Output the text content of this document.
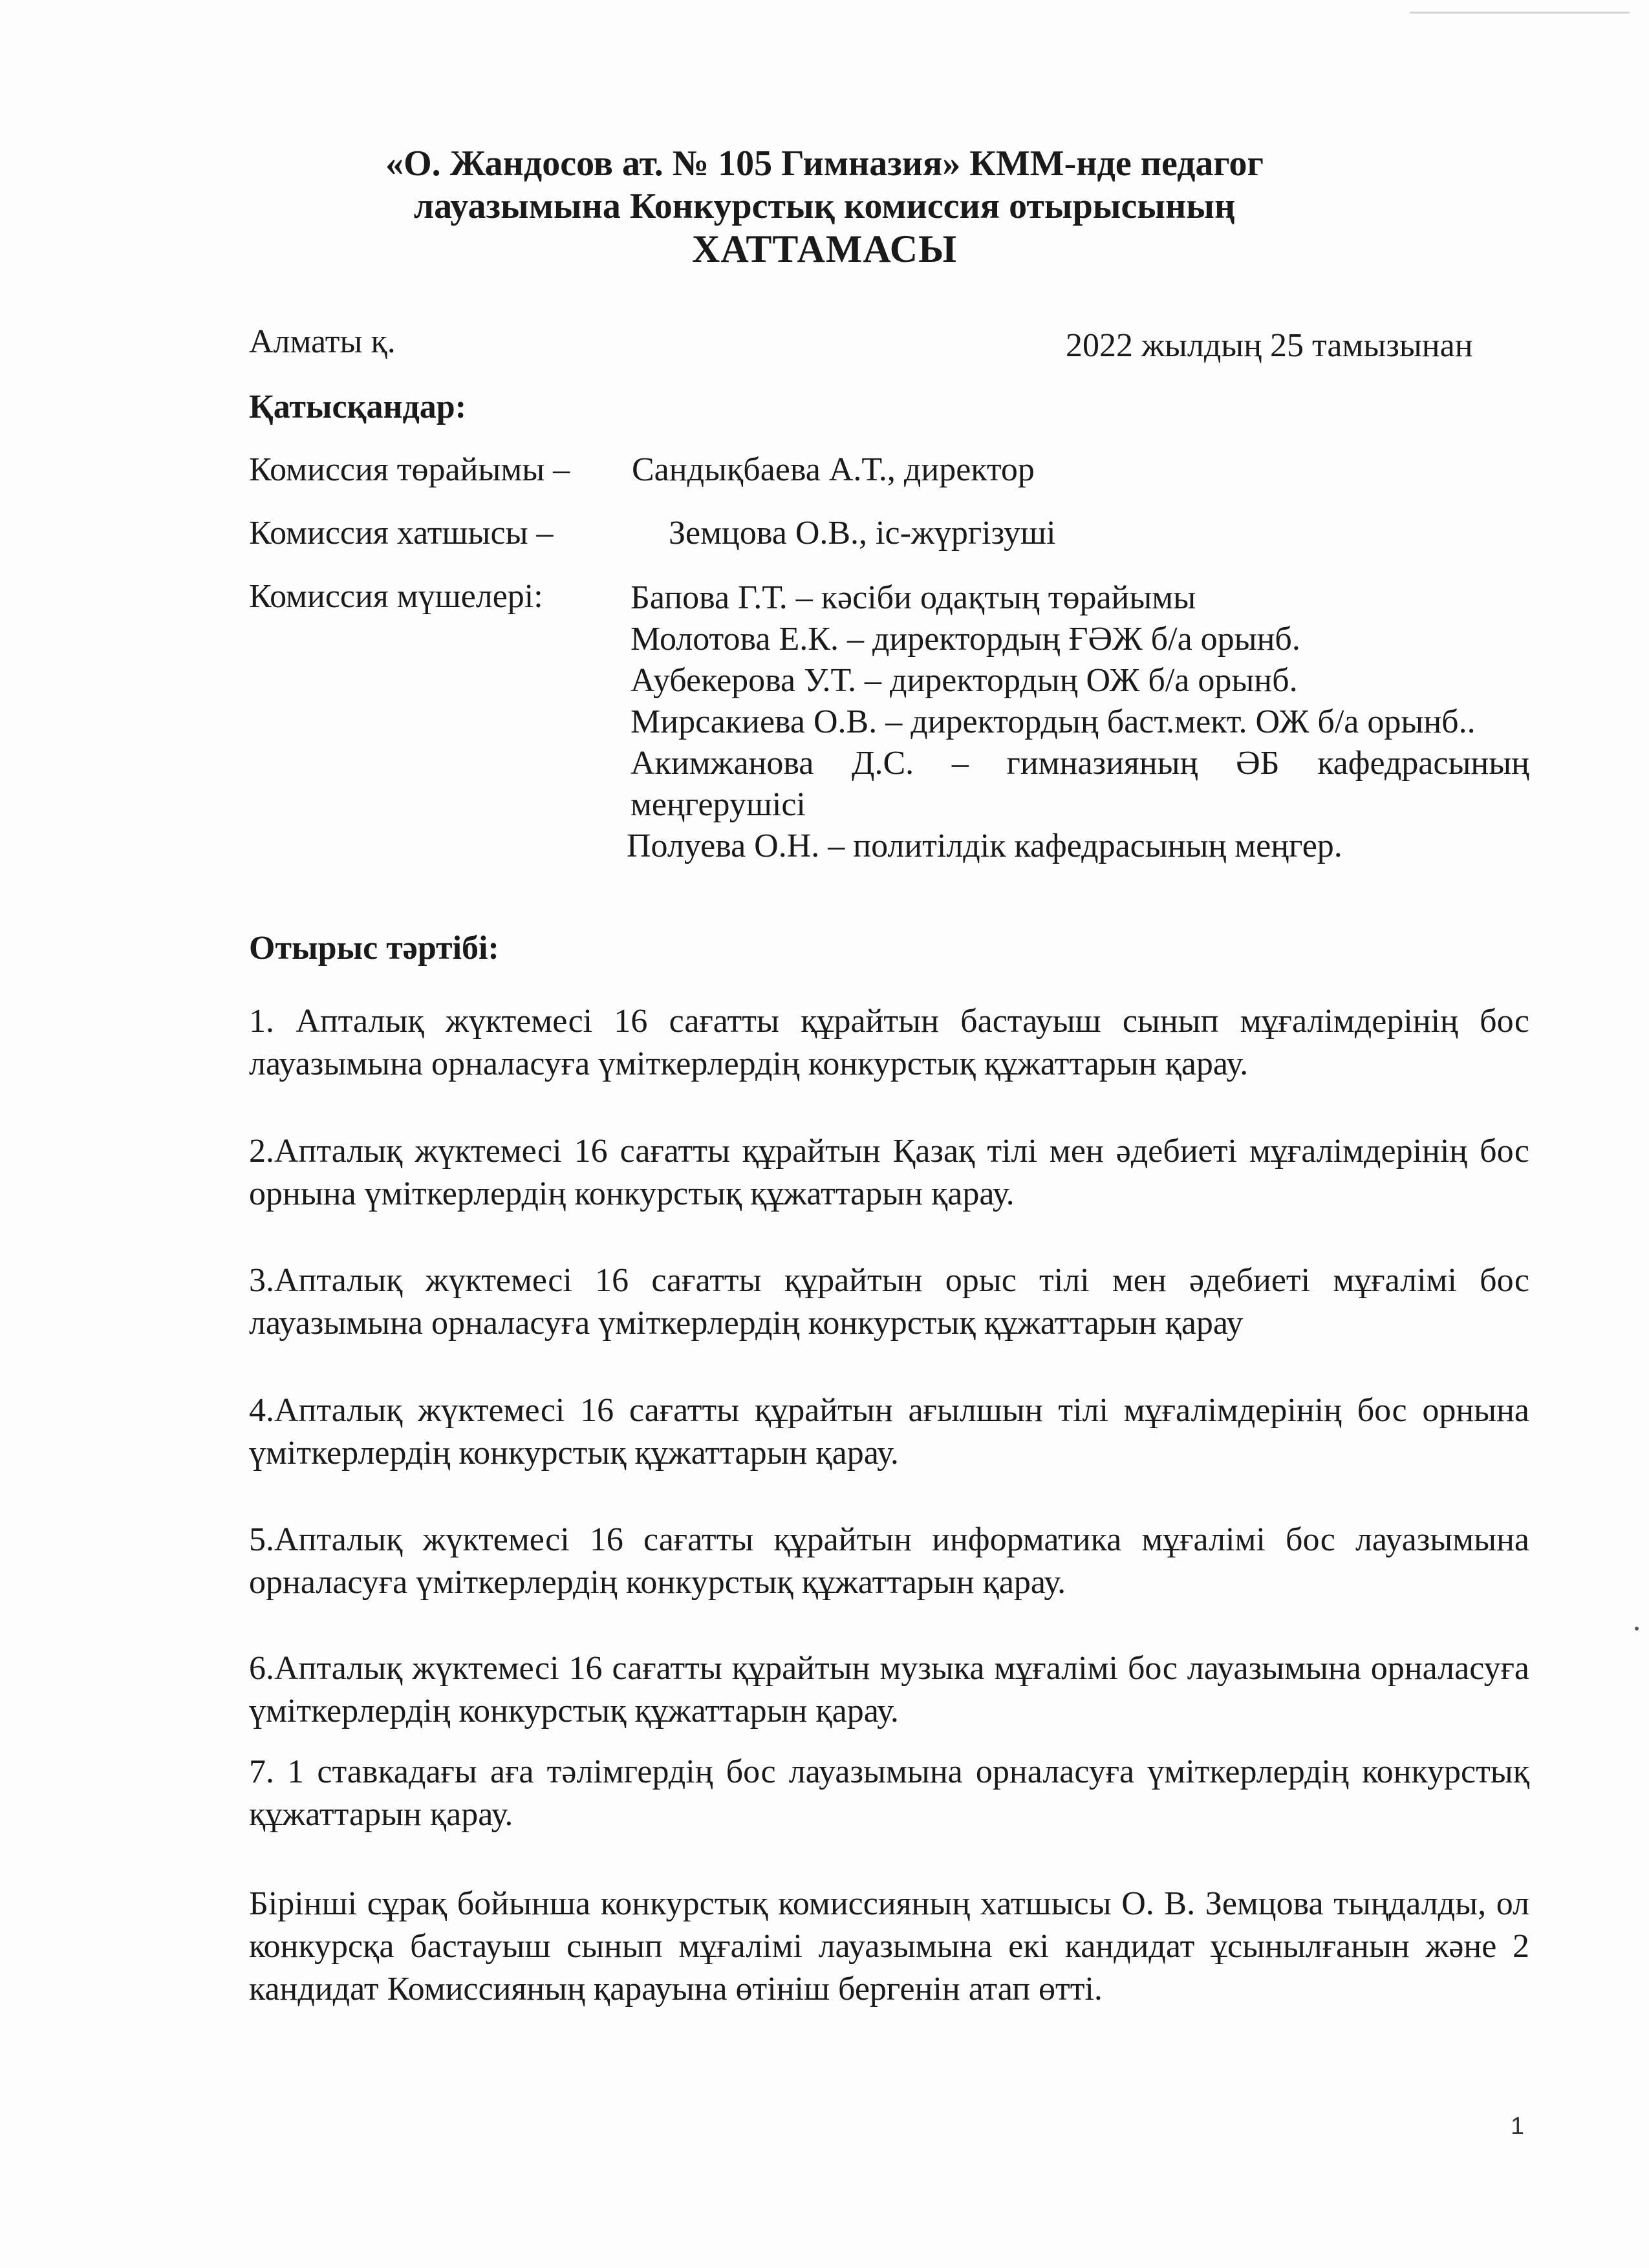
«О. Жандосов ат. № 105 Гимназия» КММ-нде педагог
лауазымына Конкурстық комиссия отырысының
ХАТТАМАСЫ
Алматы қ.	2022 жылдың 25 тамызынан
Қатысқандар:
Комиссия төрайымы – Сандықбаева А.Т., директор
Комиссия хатшысы –	Земцова О.В., іс-жүргізуші
Комиссия мүшелері:	Бапова Г.Т. – кәсіби одақтың төрайымы
Молотова Е.К. – директордың ҒӘЖ б/а орынб.
Аубекерова У.Т. – директордың ОЖ б/а орынб.
Мирсакиева О.В. – директордың баст.мект. ОЖ б/а орынб..
Акимжанова Д.С. – гимназияның ӘБ кафедрасының меңгерушісі
Полуева О.Н. – политілдік кафедрасының меңгер.
Отырыс тәртібі:
1. Апталық жүктемесі 16 сағатты құрайтын бастауыш сынып мұғалімдерінің бос лауазымына орналасуға үміткерлердің конкурстық құжаттарын қарау.
2.Апталық жүктемесі 16 сағатты құрайтын Қазақ тілі мен әдебиеті мұғалімдерінің бос орнына үміткерлердің конкурстық құжаттарын қарау.
3.Апталық жүктемесі 16 сағатты құрайтын орыс тілі мен әдебиеті мұғалімі бос лауазымына орналасуға үміткерлердің конкурстық құжаттарын қарау
4.Апталық жүктемесі 16 сағатты құрайтын ағылшын тілі мұғалімдерінің бос орнына үміткерлердің конкурстық құжаттарын қарау.
5.Апталық жүктемесі 16 сағатты құрайтын информатика мұғалімі бос лауазымына орналасуға үміткерлердің конкурстық құжаттарын қарау.
6.Апталық жүктемесі 16 сағатты құрайтын музыка мұғалімі бос лауазымына орналасуға үміткерлердің конкурстық құжаттарын қарау.
7. 1 ставкадағы аға тәлімгердің бос лауазымына орналасуға үміткерлердің конкурстық құжаттарын қарау.
Бірінші сұрақ бойынша конкурстық комиссияның хатшысы О. В. Земцова тыңдалды, ол конкурсқа бастауыш сынып мұғалімі лауазымына екі кандидат ұсынылғанын және 2 кандидат Комиссияның қарауына өтініш бергенін атап өтті.
1
